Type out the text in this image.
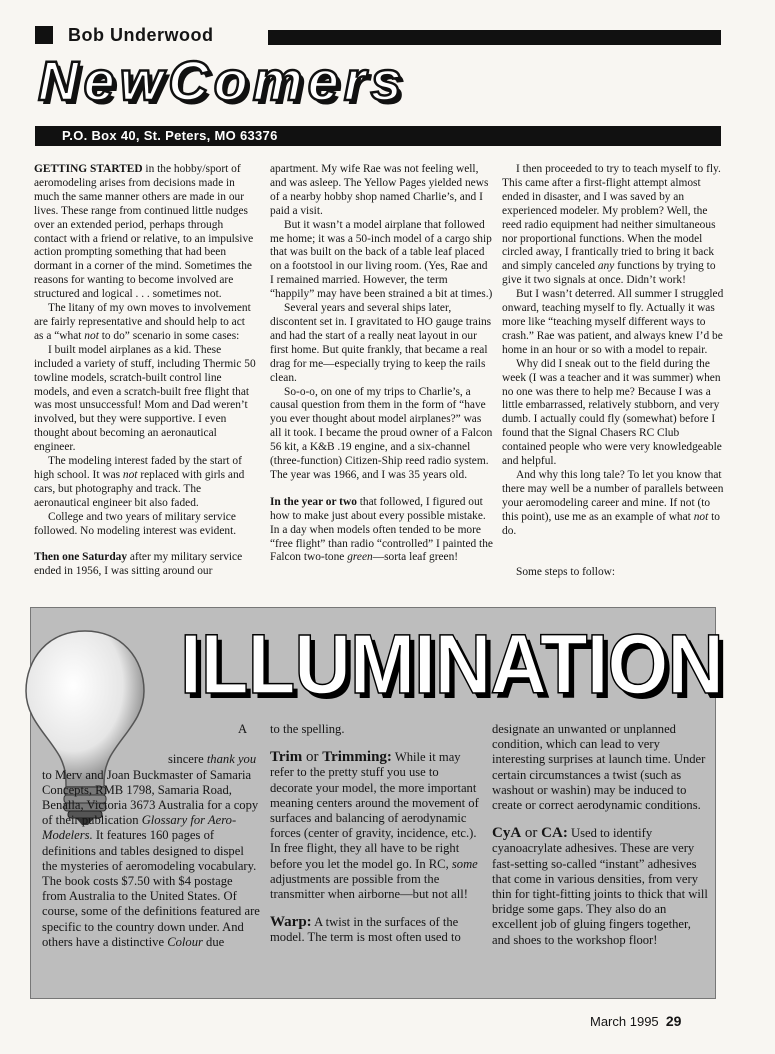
Bob Underwood
NewComers
P.O. Box 40, St. Peters, MO 63376

GETTING STARTED in the hobby/sport of aeromodeling arises from decisions made in much the same manner others are made in our lives. These range from continued little nudges over an extended period, perhaps through contact with a friend or relative, to an impulsive action prompting something that had been dormant in a corner of the mind. Sometimes the reasons for wanting to become involved are structured and logical . . . sometimes not.

The litany of my own moves to involvement are fairly representative and should help to act as a “what not to do” scenario in some cases:

I built model airplanes as a kid. These included a variety of stuff, including Thermic 50 towline models, scratch-built control line models, and even a scratch-built free flight that was most unsuccessful! Mom and Dad weren’t involved, but they were supportive. I even thought about becoming an aeronautical engineer.

The modeling interest faded by the start of high school. It was not replaced with girls and cars, but photography and track. The aeronautical engineer bit also faded.

College and two years of military service followed. No modeling interest was evident.

Then one Saturday after my military service ended in 1956, I was sitting around our

apartment. My wife Rae was not feeling well, and was asleep. The Yellow Pages yielded news of a nearby hobby shop named Charlie’s, and I paid a visit.

But it wasn’t a model airplane that followed me home; it was a 50-inch model of a cargo ship that was built on the back of a table leaf placed on a footstool in our living room. (Yes, Rae and I remained married. However, the term “happily” may have been strained a bit at times.)

Several years and several ships later, discontent set in. I gravitated to HO gauge trains and had the start of a really neat layout in our first home. But quite frankly, that became a real drag for me—especially trying to keep the rails clean.

So-o-o, on one of my trips to Charlie’s, a causal question from them in the form of “have you ever thought about model airplanes?” was all it took. I became the proud owner of a Falcon 56 kit, a K&B .19 engine, and a six-channel (three-function) Citizen-Ship reed radio system. The year was 1966, and I was 35 years old.

In the year or two that followed, I figured out how to make just about every possible mistake. In a day when models often tended to be more “free flight” than radio “controlled” I painted the Falcon two-tone green—sorta leaf green!

I then proceeded to try to teach myself to fly. This came after a first-flight attempt almost ended in disaster, and I was saved by an experienced modeler. My problem? Well, the reed radio equipment had neither simultaneous nor proportional functions. When the model circled away, I frantically tried to bring it back and simply canceled any functions by trying to give it two signals at once. Didn’t work!

But I wasn’t deterred. All summer I struggled onward, teaching myself to fly. Actually it was more like “teaching myself different ways to crash.” Rae was patient, and always knew I’d be home in an hour or so with a model to repair.

Why did I sneak out to the field during the week (I was a teacher and it was summer) when no one was there to help me? Because I was a little embarrassed, relatively stubborn, and very dumb. I actually could fly (somewhat) before I found that the Signal Chasers RC Club contained people who were very knowledgeable and helpful.

And why this long tale? To let you know that there may well be a number of parallels between your aeromodeling career and mine. If not (to this point), use me as an example of what not to do.

Some steps to follow:

ILLUMINATION

A sincere thank you to Merv and Joan Buckmaster of Samaria Concepts, RMB 1798, Samaria Road, Benalla, Victoria 3673 Australia for a copy of their publication Glossary for Aero-Modelers. It features 160 pages of definitions and tables designed to dispel the mysteries of aeromodeling vocabulary. The book costs $7.50 with $4 postage from Australia to the United States. Of course, some of the definitions featured are specific to the country down under. And others have a distinctive Colour due

to the spelling.

Trim or Trimming: While it may refer to the pretty stuff you use to decorate your model, the more important meaning centers around the movement of surfaces and balancing of aerodynamic forces (center of gravity, incidence, etc.). In free flight, they all have to be right before you let the model go. In RC, some adjustments are possible from the transmitter when airborne—but not all!

Warp: A twist in the surfaces of the model. The term is most often used to

designate an unwanted or unplanned condition, which can lead to very interesting surprises at launch time. Under certain circumstances a twist (such as washout or washin) may be induced to create or correct aerodynamic conditions.

CyA or CA: Used to identify cyanoacrylate adhesives. These are very fast-setting so-called “instant” adhesives that come in various densities, from very thin for tight-fitting joints to thick that will bridge some gaps. They also do an excellent job of gluing fingers together, and shoes to the workshop floor!

March 1995 29
